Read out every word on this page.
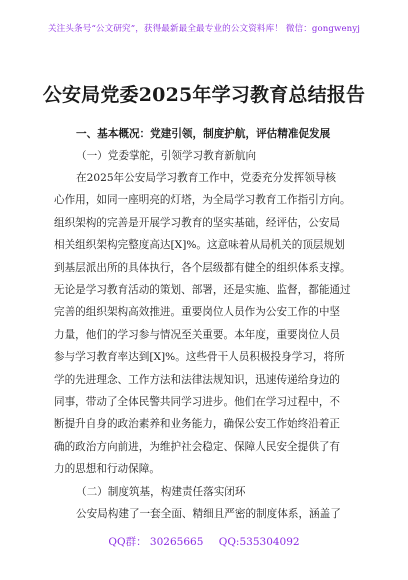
关注头条号“公文研究”，获得最新最全最专业的公文资料库！ 微信：gongwenyj
公安局党委2025年学习教育总结报告
一、基本概况：党建引领，制度护航，评估精准促发展
（一）党委掌舵，引领学习教育新航向
在2025年公安局学习教育工作中，党委充分发挥领导核
心作用，如同一座明亮的灯塔，为全局学习教育工作指引方向。
组织架构的完善是开展学习教育的坚实基础，经评估，公安局
相关组织架构完整度高达[X]%。这意味着从局机关的顶层规划
到基层派出所的具体执行，各个层级都有健全的组织体系支撑。
无论是学习教育活动的策划、部署，还是实施、监督，都能通过
完善的组织架构高效推进。重要岗位人员作为公安工作的中坚
力量，他们的学习参与情况至关重要。本年度，重要岗位人员
参与学习教育率达到[X]%。这些骨干人员积极投身学习，将所
学的先进理念、工作方法和法律法规知识，迅速传递给身边的
同事，带动了全体民警共同学习进步。他们在学习过程中，不
断提升自身的政治素养和业务能力，确保公安工作始终沿着正
确的政治方向前进，为维护社会稳定、保障人民安全提供了有
力的思想和行动保障。
（二）制度筑基，构建责任落实闭环
公安局构建了一套全面、精细且严密的制度体系，涵盖了
QQ群： 30265665 QQ:535304092
